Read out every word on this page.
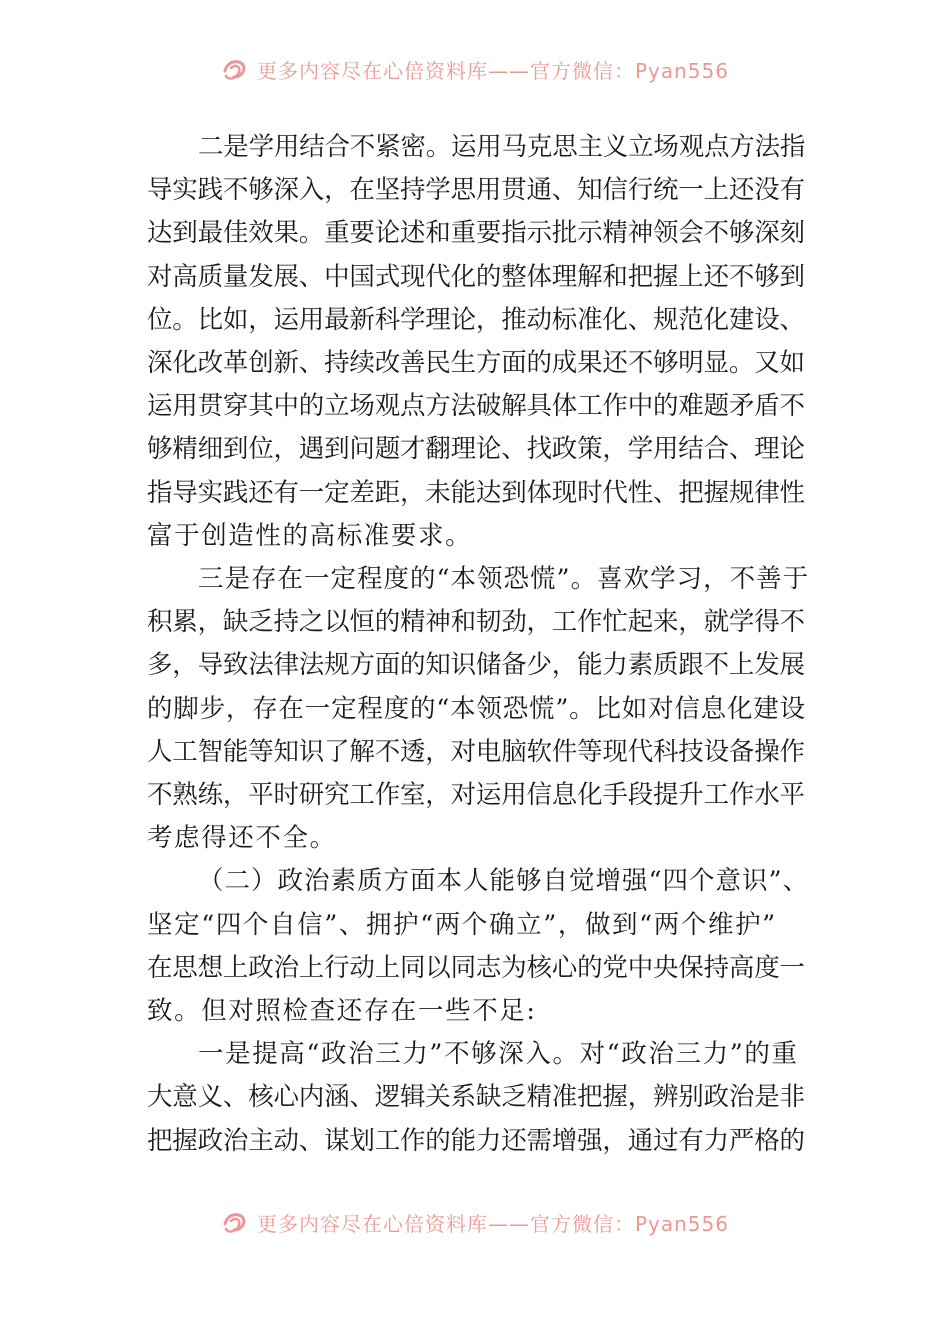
更多内容尽在心倍资料库——官方微信：Pyan556
二是学用结合不紧密。运用马克思主义立场观点方法指
导实践不够深入，在坚持学思用贯通、知信行统一上还没有
达到最佳效果。重要论述和重要指示批示精神领会不够深刻
对高质量发展、中国式现代化的整体理解和把握上还不够到
位。比如，运用最新科学理论，推动标准化、规范化建设、
深化改革创新、持续改善民生方面的成果还不够明显。又如
运用贯穿其中的立场观点方法破解具体工作中的难题矛盾不
够精细到位，遇到问题才翻理论、找政策，学用结合、理论
指导实践还有一定差距，未能达到体现时代性、把握规律性
富于创造性的高标准要求。
三是存在一定程度的“本领恐慌”。喜欢学习，不善于
积累，缺乏持之以恒的精神和韧劲，工作忙起来，就学得不
多，导致法律法规方面的知识储备少，能力素质跟不上发展
的脚步，存在一定程度的“本领恐慌”。比如对信息化建设
人工智能等知识了解不透，对电脑软件等现代科技设备操作
不熟练，平时研究工作室，对运用信息化手段提升工作水平
考虑得还不全。
（二）政治素质方面本人能够自觉增强“四个意识”、
坚定“四个自信”、拥护“两个确立”，做到“两个维护”
在思想上政治上行动上同以同志为核心的党中央保持高度一
致。但对照检查还存在一些不足:
一是提高“政治三力”不够深入。对“政治三力”的重
大意义、核心内涵、逻辑关系缺乏精准把握，辨别政治是非
把握政治主动、谋划工作的能力还需增强，通过有力严格的
更多内容尽在心倍资料库——官方微信：Pyan556
